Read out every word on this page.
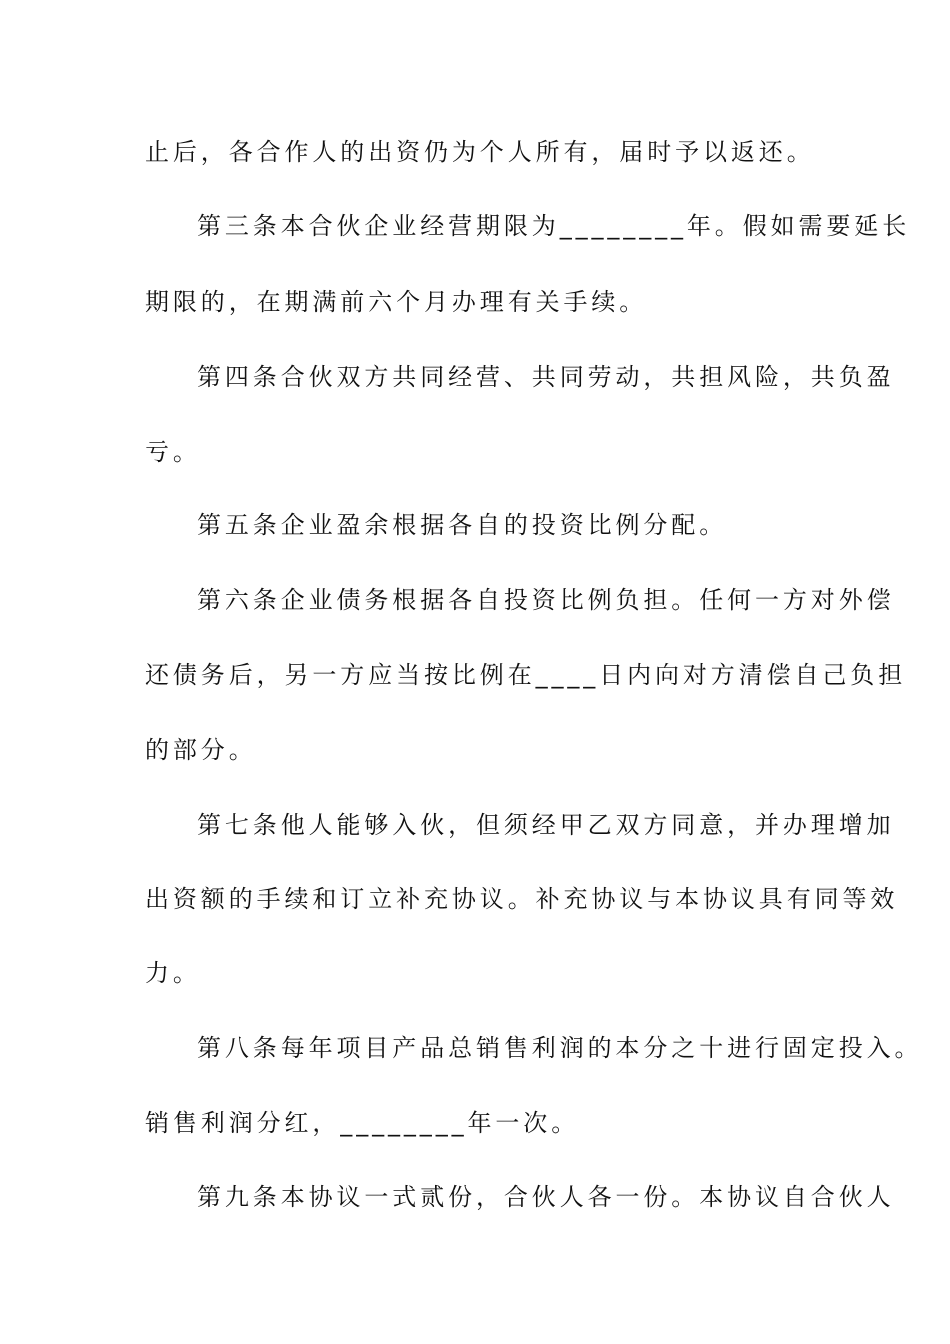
止后，各合作人的出资仍为个人所有，届时予以返还。
第三条本合伙企业经营期限为________年。假如需要延长
期限的，在期满前六个月办理有关手续。
第四条合伙双方共同经营、共同劳动，共担风险，共负盈
亏。
第五条企业盈余根据各自的投资比例分配。
第六条企业债务根据各自投资比例负担。任何一方对外偿
还债务后，另一方应当按比例在____日内向对方清偿自己负担
的部分。
第七条他人能够入伙，但须经甲乙双方同意，并办理增加
出资额的手续和订立补充协议。补充协议与本协议具有同等效
力。
第八条每年项目产品总销售利润的本分之十进行固定投入。
销售利润分红，________年一次。
第九条本协议一式贰份，合伙人各一份。本协议自合伙人
